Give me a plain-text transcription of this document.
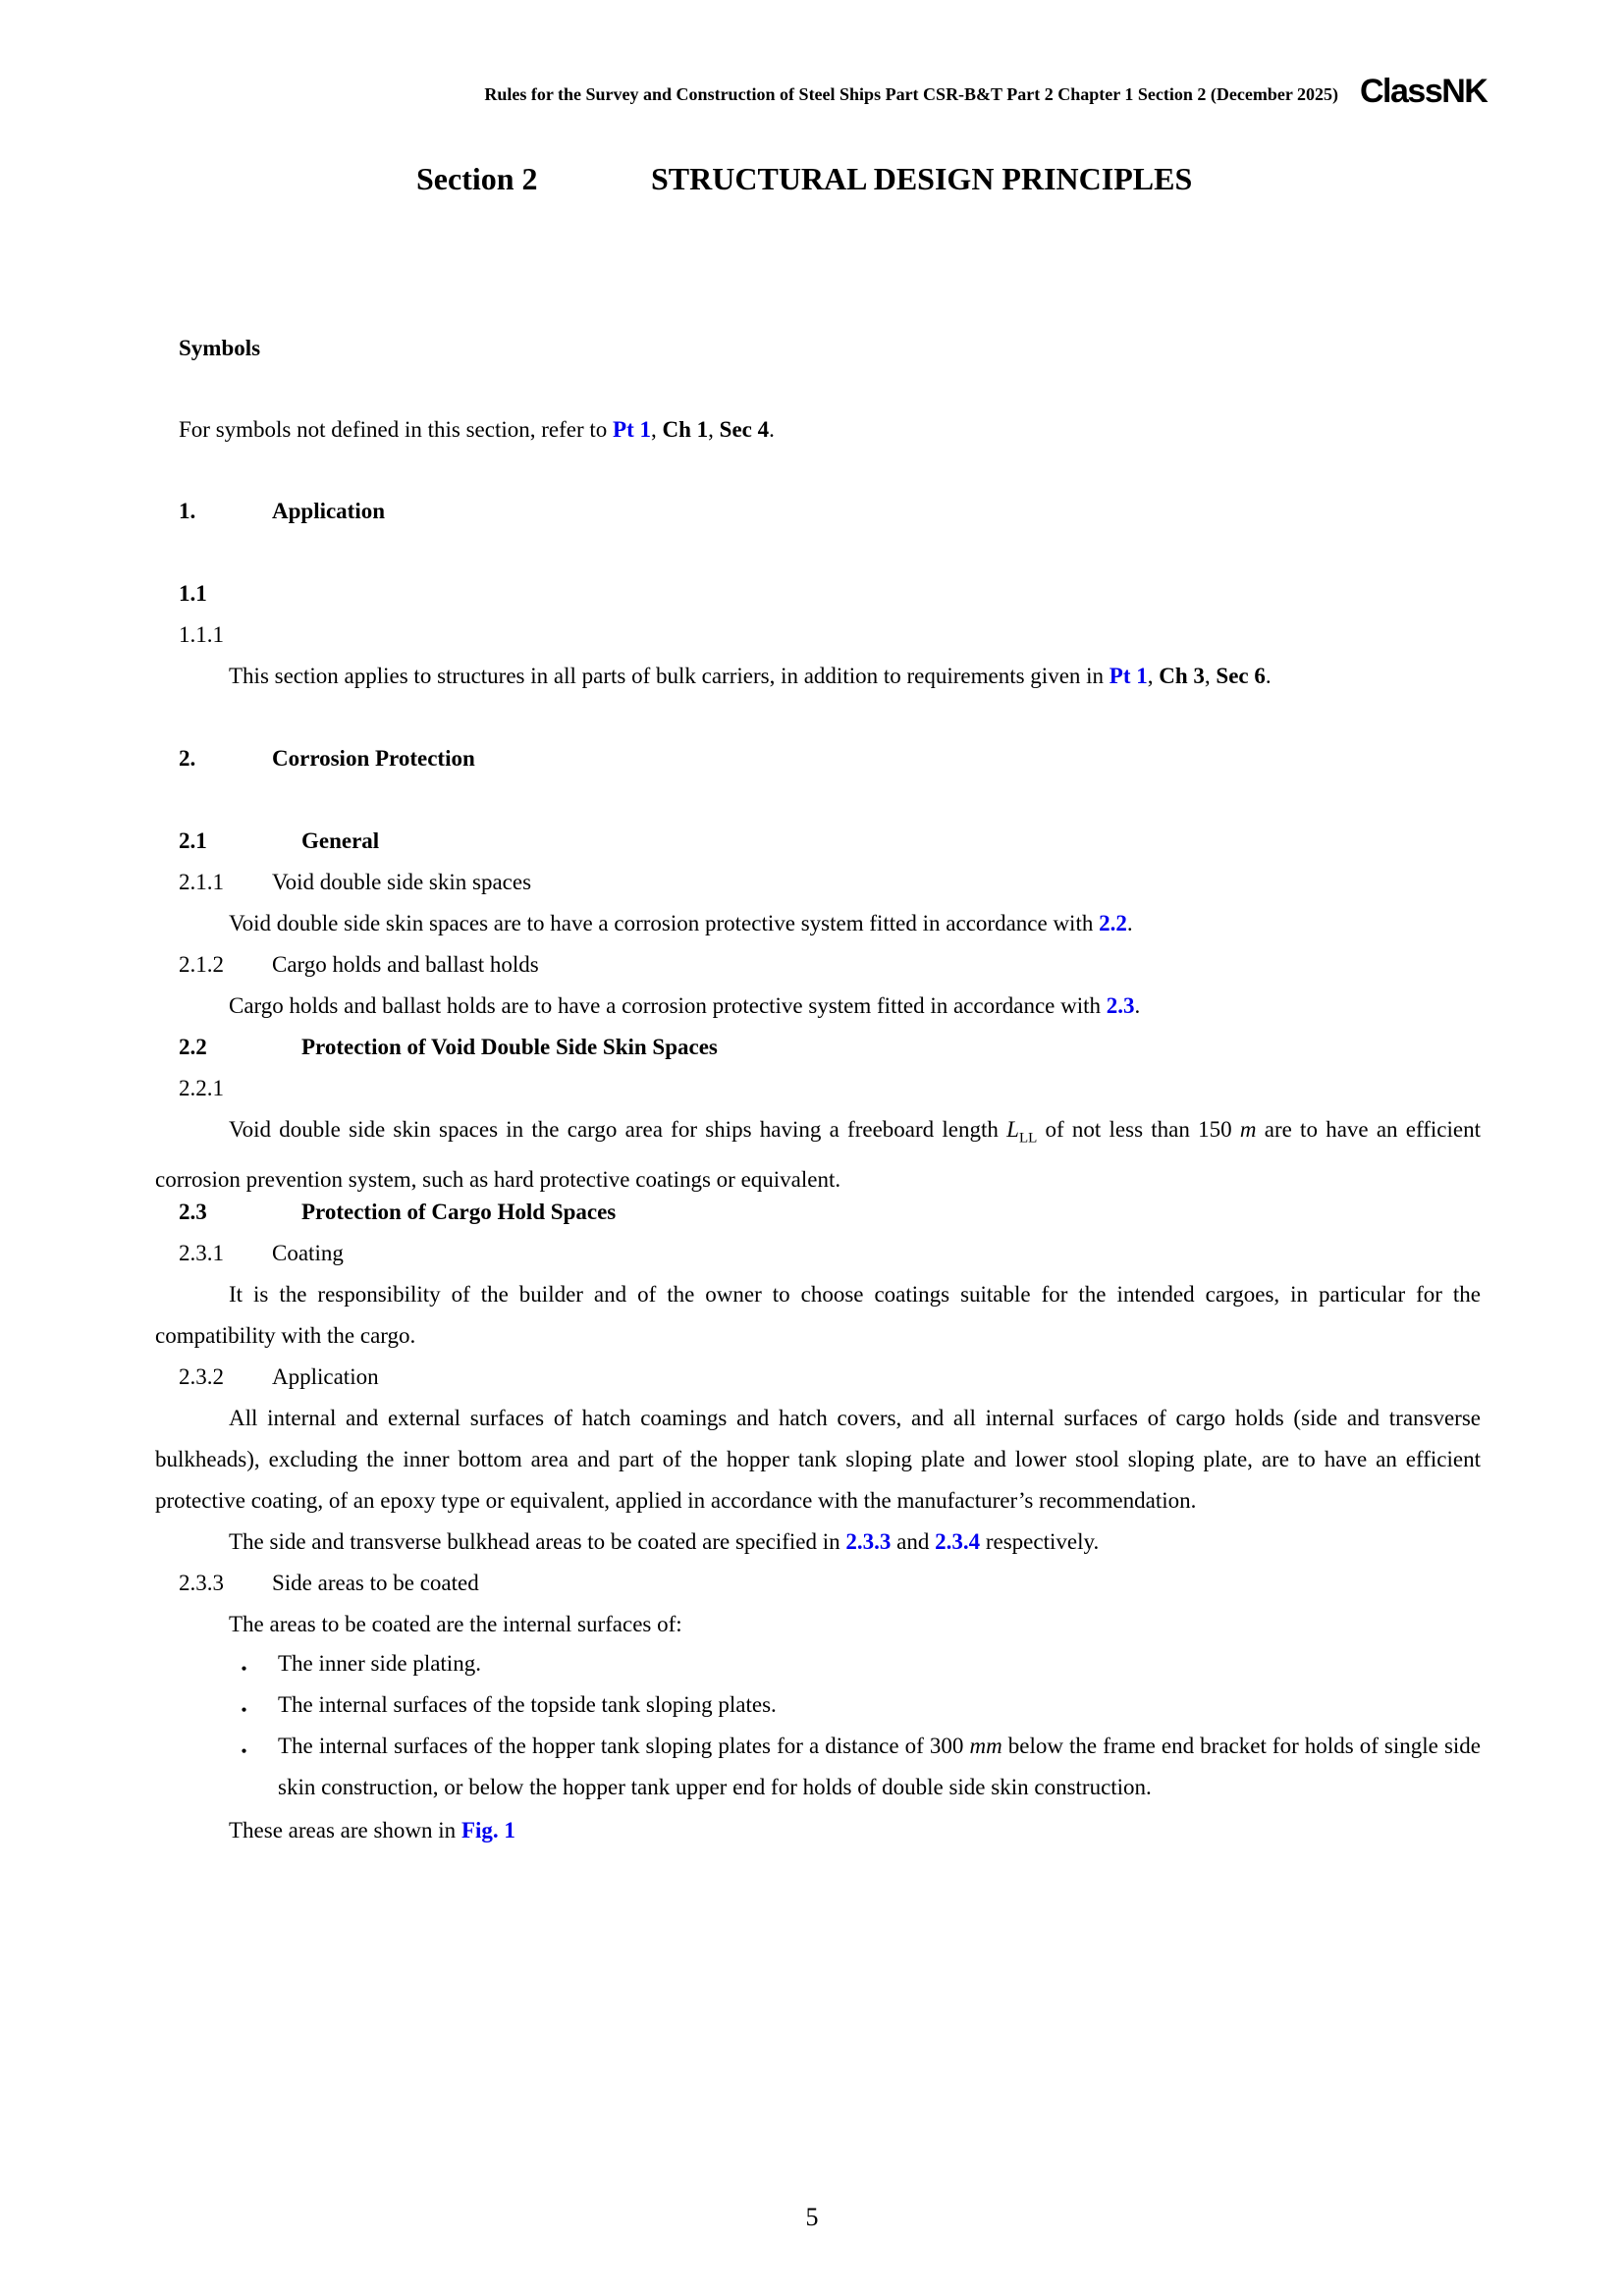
Rules for the Survey and Construction of Steel Ships Part CSR-B&T Part 2 Chapter 1 Section 2 (December 2025) ClassNK
Section 2	STRUCTURAL DESIGN PRINCIPLES
Symbols
For symbols not defined in this section, refer to Pt 1, Ch 1, Sec 4.
1.	Application
1.1
1.1.1
This section applies to structures in all parts of bulk carriers, in addition to requirements given in Pt 1, Ch 3, Sec 6.
2.	Corrosion Protection
2.1	General
2.1.1 Void double side skin spaces
Void double side skin spaces are to have a corrosion protective system fitted in accordance with 2.2.
2.1.2 Cargo holds and ballast holds
Cargo holds and ballast holds are to have a corrosion protective system fitted in accordance with 2.3.
2.2	Protection of Void Double Side Skin Spaces
2.2.1
Void double side skin spaces in the cargo area for ships having a freeboard length $L_{LL}$ of not less than 150 m are to have an efficient corrosion prevention system, such as hard protective coatings or equivalent.
2.3	Protection of Cargo Hold Spaces
2.3.1 Coating
It is the responsibility of the builder and of the owner to choose coatings suitable for the intended cargoes, in particular for the compatibility with the cargo.
2.3.2 Application
All internal and external surfaces of hatch coamings and hatch covers, and all internal surfaces of cargo holds (side and transverse bulkheads), excluding the inner bottom area and part of the hopper tank sloping plate and lower stool sloping plate, are to have an efficient protective coating, of an epoxy type or equivalent, applied in accordance with the manufacturer’s recommendation.
The side and transverse bulkhead areas to be coated are specified in 2.3.3 and 2.3.4 respectively.
2.3.3 Side areas to be coated
The areas to be coated are the internal surfaces of:
・ The inner side plating.
・ The internal surfaces of the topside tank sloping plates.
・ The internal surfaces of the hopper tank sloping plates for a distance of 300 mm below the frame end bracket for holds of single side skin construction, or below the hopper tank upper end for holds of double side skin construction.
These areas are shown in Fig. 1
5
